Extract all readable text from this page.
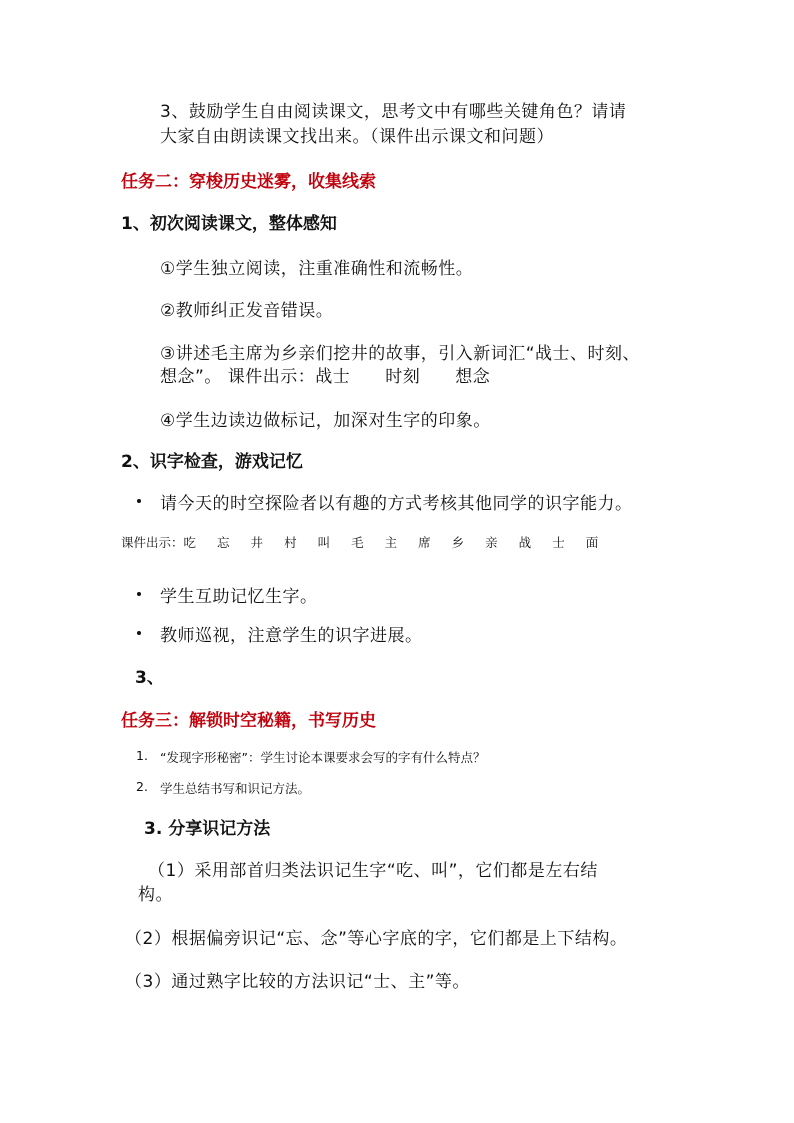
3、鼓励学生自由阅读课文，思考文中有哪些关键角色？请请

大家自由朗读课文找出来。（课件出示课文和问题）

任务二：穿梭历史迷雾，收集线索

1、初次阅读课文，整体感知

①学生独立阅读，注重准确性和流畅性。

②教师纠正发音错误。

③讲述毛主席为乡亲们挖井的故事，引入新词汇“战士、时刻、

想念”。 课件出示：战士　　时刻　　想念

④学生边读边做标记，加深对生字的印象。

2、识字检查，游戏记忆

请今天的时空探险者以有趣的方式考核其他同学的识字能力。

课件出示：吃 忘 井 村 叫 毛 主 席 乡 亲 战 士 面

学生互助记忆生字。

教师巡视，注意学生的识字进展。

3、

任务三：解锁时空秘籍，书写历史

1. “发现字形秘密”：学生讨论本课要求会写的字有什么特点？

2. 学生总结书写和识记方法。

3. 分享识记方法

（1）采用部首归类法识记生字“吃、叫”，它们都是左右结

构。

（2）根据偏旁识记“忘、念”等心字底的字，它们都是上下结构。

（3）通过熟字比较的方法识记“士、主”等。
